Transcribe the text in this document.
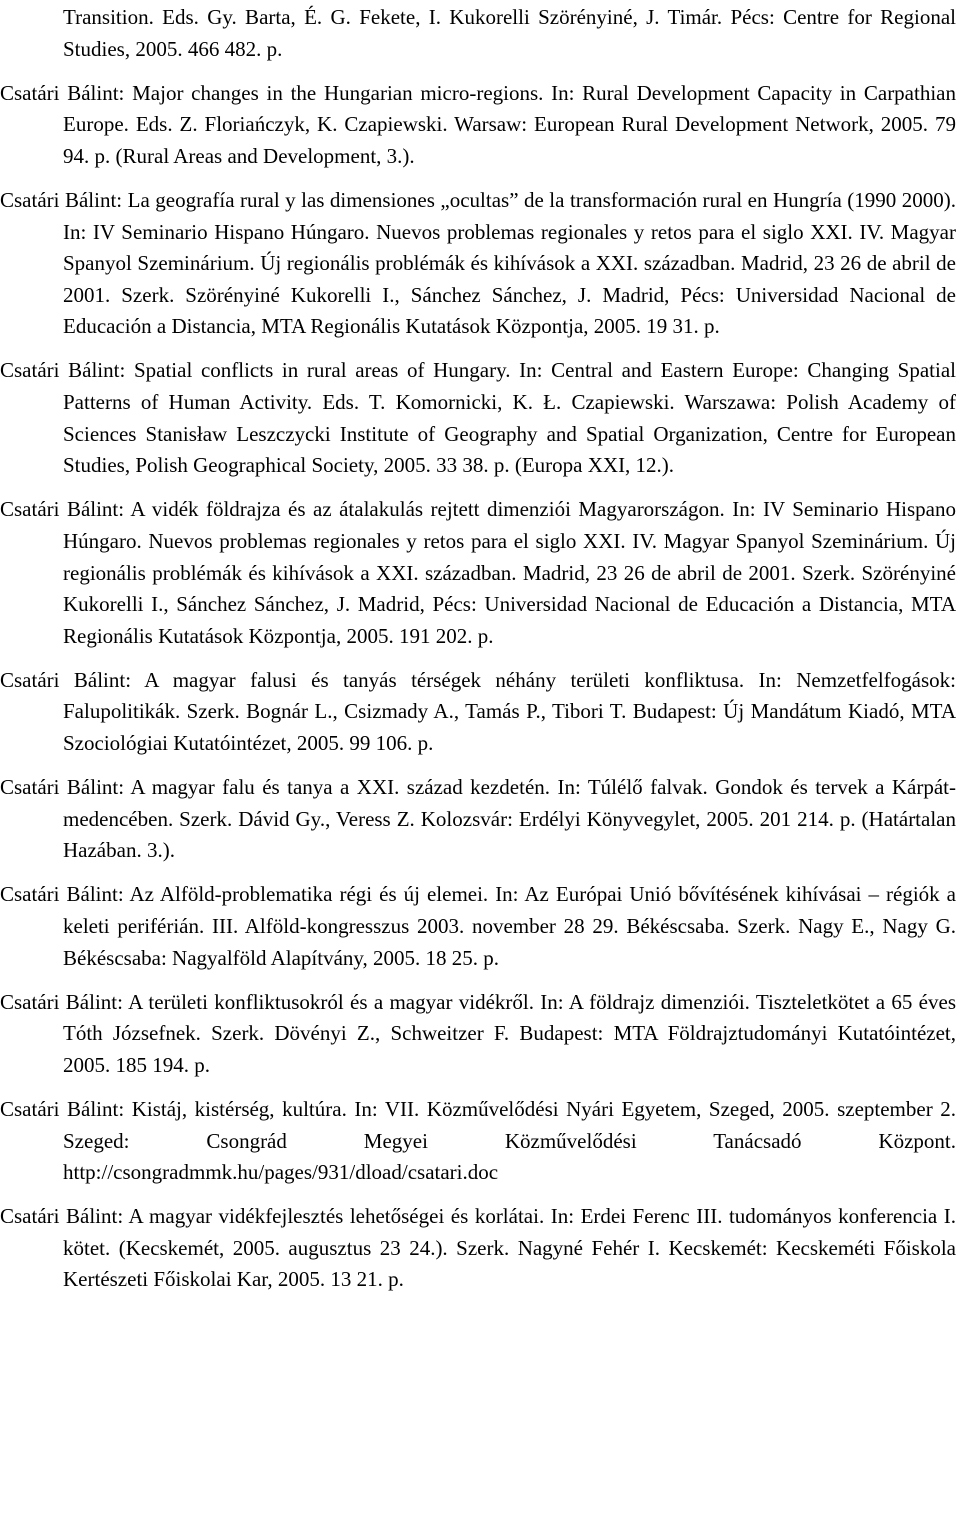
Transition. Eds. Gy. Barta, É. G. Fekete, I. Kukorelli Szörényiné, J. Timár. Pécs: Centre for Regional Studies, 2005. 466 482. p.

Csatári Bálint: Major changes in the Hungarian micro-regions. In: Rural Development Capacity in Carpathian Europe. Eds. Z. Floriańczyk, K. Czapiewski. Warsaw: European Rural Development Network, 2005. 79 94. p. (Rural Areas and Development, 3.).

Csatári Bálint: La geografía rural y las dimensiones „ocultas” de la transformación rural en Hungría (1990 2000). In: IV Seminario Hispano Húngaro. Nuevos problemas regionales y retos para el siglo XXI. IV. Magyar Spanyol Szeminárium. Új regionális problémák és kihívások a XXI. században. Madrid, 23 26 de abril de 2001. Szerk. Szörényiné Kukorelli I., Sánchez Sánchez, J. Madrid, Pécs: Universidad Nacional de Educación a Distancia, MTA Regionális Kutatások Központja, 2005. 19 31. p.

Csatári Bálint: Spatial conflicts in rural areas of Hungary. In: Central and Eastern Europe: Changing Spatial Patterns of Human Activity. Eds. T. Komornicki, K. Ł. Czapiewski. Warszawa: Polish Academy of Sciences Stanisław Leszczycki Institute of Geography and Spatial Organization, Centre for European Studies, Polish Geographical Society, 2005. 33 38. p. (Europa XXI, 12.).

Csatári Bálint: A vidék földrajza és az átalakulás rejtett dimenziói Magyarországon. In: IV Seminario Hispano Húngaro. Nuevos problemas regionales y retos para el siglo XXI. IV. Magyar Spanyol Szeminárium. Új regionális problémák és kihívások a XXI. században. Madrid, 23 26 de abril de 2001. Szerk. Szörényiné Kukorelli I., Sánchez Sánchez, J. Madrid, Pécs: Universidad Nacional de Educación a Distancia, MTA Regionális Kutatások Központja, 2005. 191 202. p.

Csatári Bálint: A magyar falusi és tanyás térségek néhány területi konfliktusa. In: Nemzetfelfogások: Falupolitikák. Szerk. Bognár L., Csizmady A., Tamás P., Tibori T. Budapest: Új Mandátum Kiadó, MTA Szociológiai Kutatóintézet, 2005. 99 106. p.

Csatári Bálint: A magyar falu és tanya a XXI. század kezdetén. In: Túlélő falvak. Gondok és tervek a Kárpát-medencében. Szerk. Dávid Gy., Veress Z. Kolozsvár: Erdélyi Könyvegylet, 2005. 201 214. p. (Határtalan Hazában. 3.).

Csatári Bálint: Az Alföld-problematika régi és új elemei. In: Az Európai Unió bővítésének kihívásai – régiók a keleti periférián. III. Alföld-kongresszus 2003. november 28 29. Békéscsaba. Szerk. Nagy E., Nagy G. Békéscsaba: Nagyalföld Alapítvány, 2005. 18 25. p.

Csatári Bálint: A területi konfliktusokról és a magyar vidékről. In: A földrajz dimenziói. Tiszteletkötet a 65 éves Tóth Józsefnek. Szerk. Dövényi Z., Schweitzer F. Budapest: MTA Földrajztudományi Kutatóintézet, 2005. 185 194. p.

Csatári Bálint: Kistáj, kistérség, kultúra. In: VII. Közművelődési Nyári Egyetem, Szeged, 2005. szeptember 2. Szeged: Csongrád Megyei Közművelődési Tanácsadó Központ. http://csongradmmk.hu/pages/931/dload/csatari.doc

Csatári Bálint: A magyar vidékfejlesztés lehetőségei és korlátai. In: Erdei Ferenc III. tudományos konferencia I. kötet. (Kecskemét, 2005. augusztus 23 24.). Szerk. Nagyné Fehér I. Kecskemét: Kecskeméti Főiskola Kertészeti Főiskolai Kar, 2005. 13 21. p.
